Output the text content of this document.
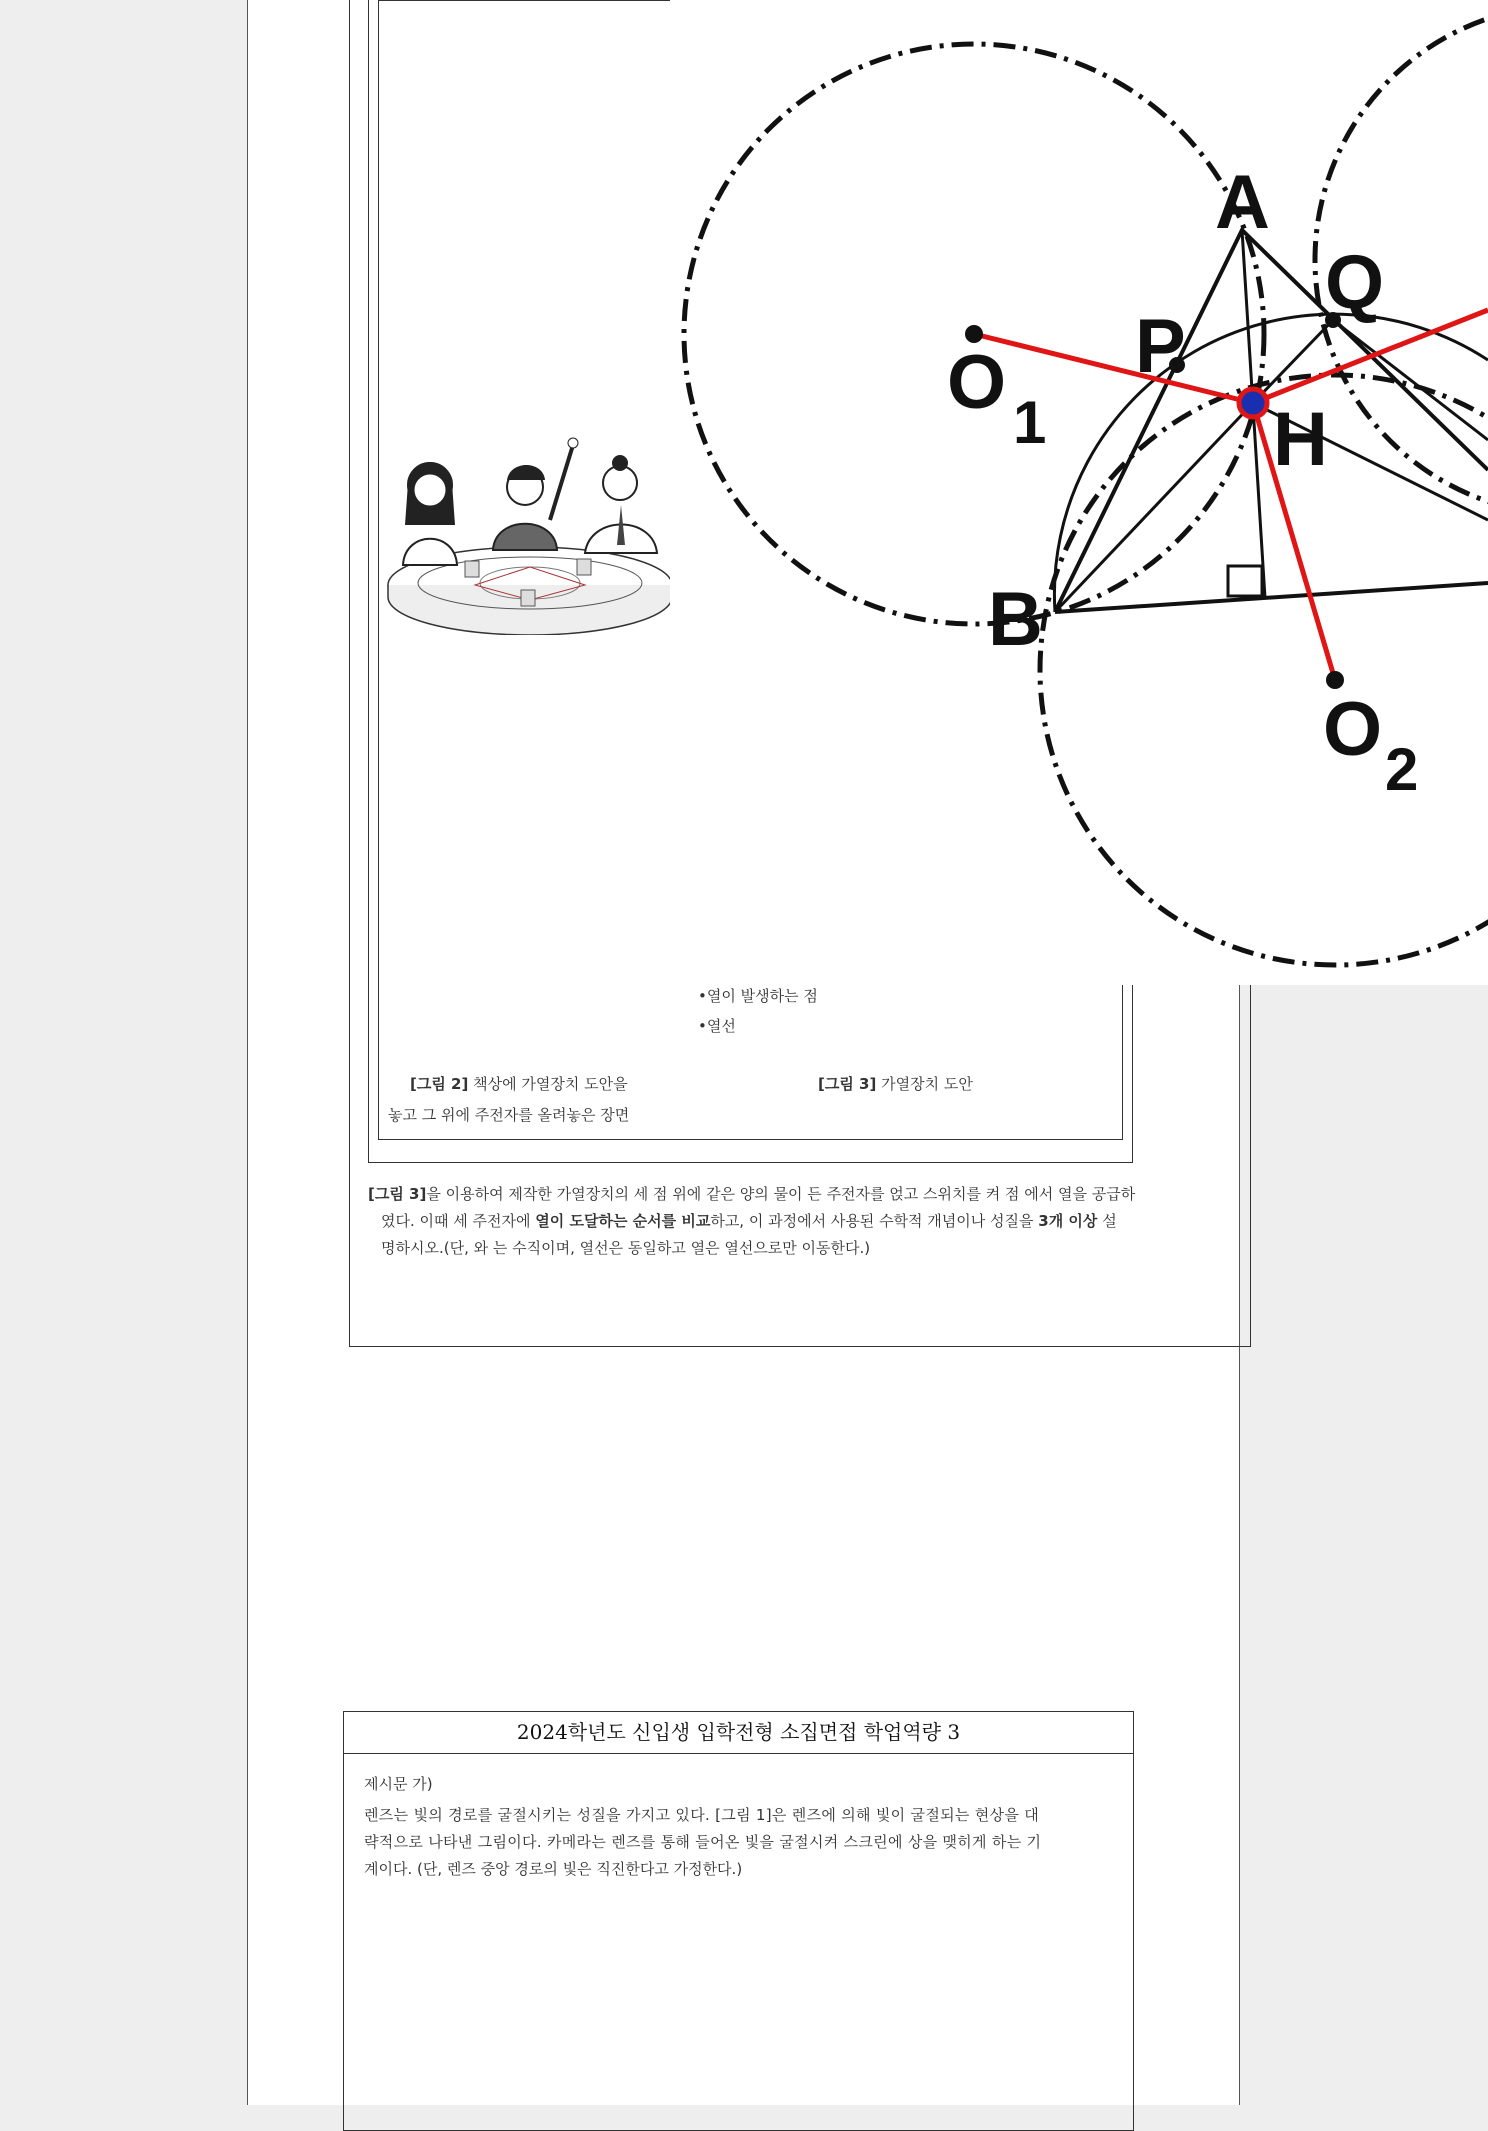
•열이 발생하는 점
•열선
[그림 2] 책상에 가열장치 도안을
놓고 그 위에 주전자를 올려놓은 장면
[그림 3] 가열장치 도안

[그림 3]을 이용하여 제작한 가열장치의 세 점 위에 같은 양의 물이 든 주전자를 얹고 스위치를 켜 점 에서 열을 공급하

였다. 이때 세 주전자에 열이 도달하는 순서를 비교하고, 이 과정에서 사용된 수학적 개념이나 성질을 3개 이상 설

명하시오.(단, 와 는 수직이며, 열선은 동일하고 열은 열선으로만 이동한다.)

2024학년도 신입생 입학전형 소집면접 학업역량 3
제시문 가)

렌즈는 빛의 경로를 굴절시키는 성질을 가지고 있다. [그림 1]은 렌즈에 의해 빛이 굴절되는 현상을 대

략적으로 나타낸 그림이다. 카메라는 렌즈를 통해 들어온 빛을 굴절시켜 스크린에 상을 맺히게 하는 기

계이다. (단, 렌즈 중앙 경로의 빛은 직진한다고 가정한다.)

A
Q
P
H
B
O 1
O 2
